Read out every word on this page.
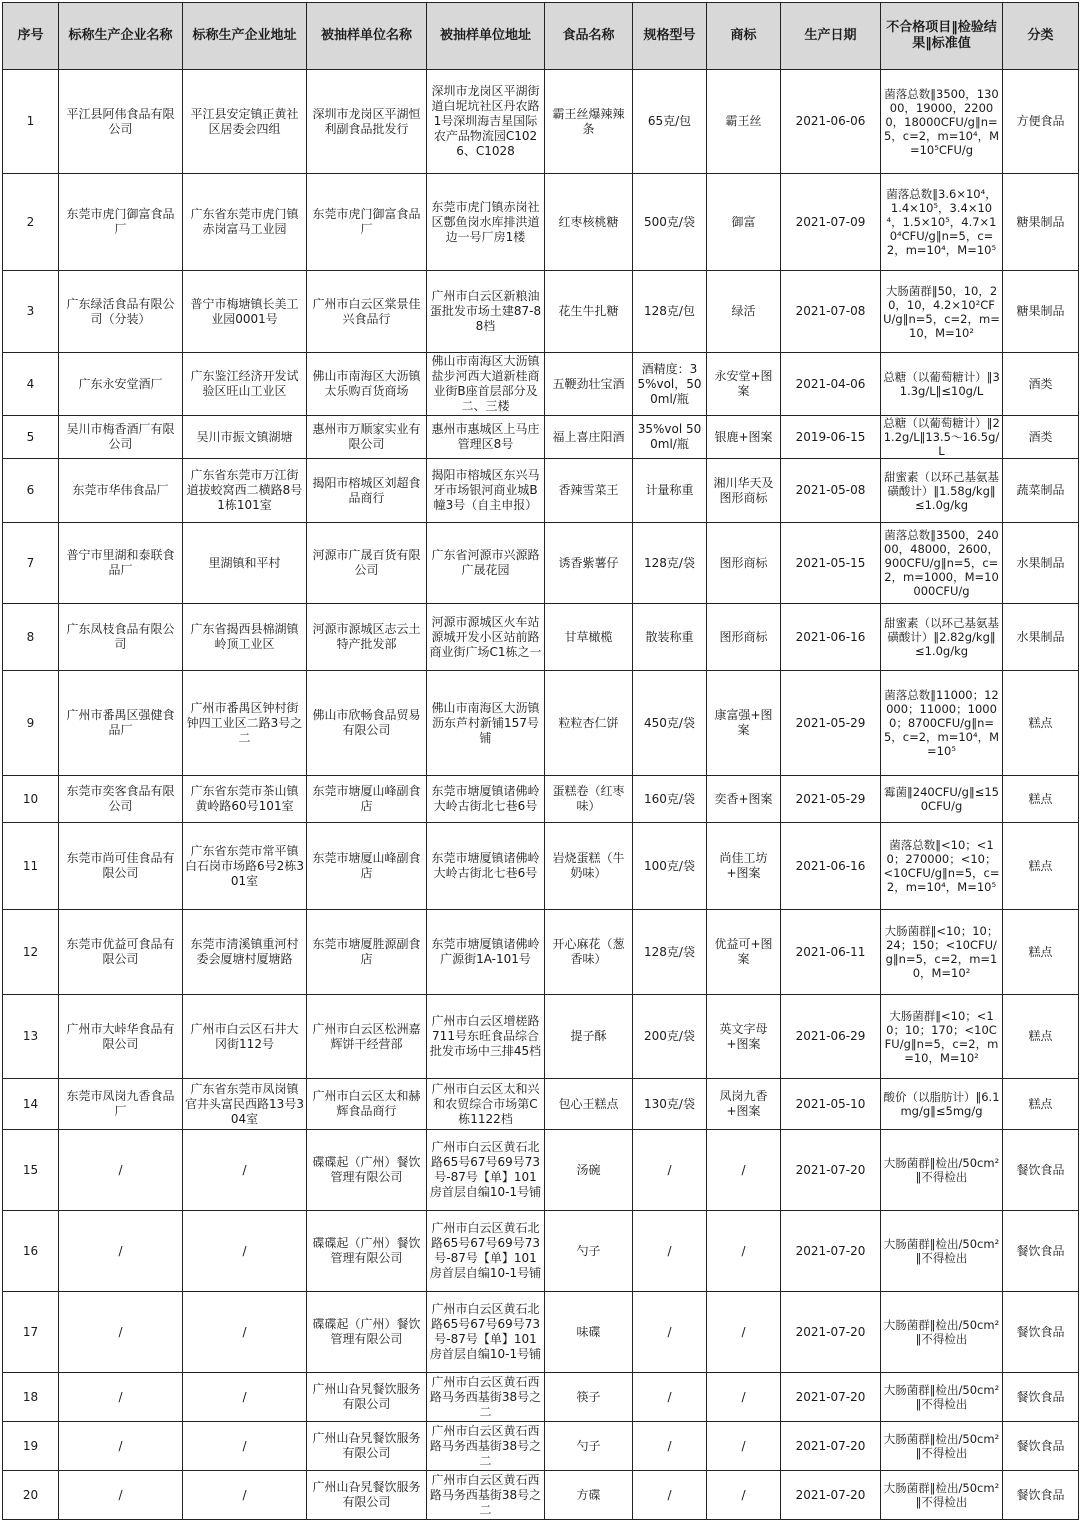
序号	标称生产企业名称	标称生产企业地址	被抽样单位名称	被抽样单位地址	食品名称	规格型号	商标	生产日期	不合格项目‖检验结果‖标准值	分类
1	平江县阿伟食品有限公司	平江县安定镇正黄社区居委会四组	深圳市龙岗区平湖恒利副食品批发行	深圳市龙岗区平湖街道白坭坑社区丹农路1号深圳海吉星国际农产品物流园C1026、C1028	霸王丝爆辣辣条	65克/包	霸王丝	2021-06-06	菌落总数‖3500，13000，19000，22000，18000CFU/g‖n=5，c=2，m=10⁴，M=10⁵CFU/g	方便食品
2	东莞市虎门御富食品厂	广东省东莞市虎门镇赤岗富马工业园	东莞市虎门御富食品厂	东莞市虎门镇赤岗社区鄷鱼岗水库排洪道边一号厂房1楼	红枣核桃糖	500克/袋	御富	2021-07-09	菌落总数‖3.6×10⁴，1.4×10⁵，3.4×10⁴，1.5×10⁵，4.7×10⁴CFU/g‖n=5，c=2，m=10⁴，M=10⁵	糖果制品
3	广东绿活食品有限公司（分装）	普宁市梅塘镇长美工业园0001号	广州市白云区棠景佳兴食品行	广州市白云区新粮油蛋批发市场土建87-88档	花生牛扎糖	128克/包	绿活	2021-07-08	大肠菌群‖50，10，20，10，4.2×10²CFU/g‖n=5，c=2，m=10，M=10²	糖果制品
4	广东永安堂酒厂	广东鉴江经济开发试验区旺山工业区	佛山市南海区大沥镇太乐购百货商场	佛山市南海区大沥镇盐步河西大道新桂商业街B座首层部分及二、三楼	五鞭劲壮宝酒	酒精度：35%vol，500ml/瓶	永安堂+图案	2021-04-06	总糖（以葡萄糖计）‖31.3g/L‖≤10g/L	酒类
5	吴川市梅香酒厂有限公司	吴川市振文镇湖塘	惠州市万顺家实业有限公司	惠州市惠城区上马庄管理区8号	福上喜庄阳酒	35%vol 500ml/瓶	银鹿+图案	2019-06-15	总糖（以葡萄糖计）‖21.2g/L‖13.5～16.5g/L	酒类
6	东莞市华伟食品厂	广东省东莞市万江街道拔蛟窝西二横路8号1栋101室	揭阳市榕城区刘超食品商行	揭阳市榕城区东兴马牙市场银河商业城B幢3号（自主申报）	香辣雪菜王	计量称重	湘川华天及图形商标	2021-05-08	甜蜜素（以环己基氨基磺酸计）‖1.58g/kg‖≤1.0g/kg	蔬菜制品
7	普宁市里湖和泰联食品厂	里湖镇和平村	河源市广晟百货有限公司	广东省河源市兴源路广晟花园	诱香紫薯仔	128克/袋	图形商标	2021-05-15	菌落总数‖3500，24000，48000，2600，900CFU/g‖n=5，c=2，m=1000，M=10000CFU/g	水果制品
8	广东凤枝食品有限公司	广东省揭西县棉湖镇岭顶工业区	河源市源城区志云土特产批发部	河源市源城区火车站源城开发小区站前路商业街广场C1栋之一	甘草橄榄	散装称重	图形商标	2021-06-16	甜蜜素（以环己基氨基磺酸计）‖2.82g/kg‖≤1.0g/kg	水果制品
9	广州市番禺区强健食品厂	广州市番禺区钟村街钟四工业区二路3号之二	佛山市欣畅食品贸易有限公司	佛山市南海区大沥镇沥东芦村新铺157号铺	粒粒杏仁饼	450克/袋	康富强+图案	2021-05-29	菌落总数‖11000；12000；11000；10000；8700CFU/g‖n=5，c=2，m=10⁴，M=10⁵	糕点
10	东莞市奕客食品有限公司	广东省东莞市茶山镇黄岭路60号101室	东莞市塘厦山峰副食店	东莞市塘厦镇诸佛岭大岭古街北七巷6号	蛋糕卷（红枣味）	160克/袋	奕香+图案	2021-05-29	霉菌‖240CFU/g‖≤150CFU/g	糕点
11	东莞市尚可佳食品有限公司	广东省东莞市常平镇白石岗市场路6号2栋301室	东莞市塘厦山峰副食店	东莞市塘厦镇诸佛岭大岭古街北七巷6号	岩烧蛋糕（牛奶味）	100克/袋	尚佳工坊+图案	2021-06-16	菌落总数‖<10；<10；270000；<10；<10CFU/g‖n=5，c=2，m=10⁴，M=10⁵	糕点
12	东莞市优益可食品有限公司	东莞市清溪镇重河村委会厦塘村厦塘路	东莞市塘厦胜源副食店	东莞市塘厦镇诸佛岭广源街1A-101号	开心麻花（葱香味）	128克/袋	优益可+图案	2021-06-11	大肠菌群‖<10；10；24；150；<10CFU/g‖n=5，c=2，m=10，M=10²	糕点
13	广州市大峠华食品有限公司	广州市白云区石井大冈街112号	广州市白云区松洲嘉辉饼干经营部	广州市白云区增槎路711号东旺食品综合批发市场中三排45档	提子酥	200克/袋	英文字母+图案	2021-06-29	大肠菌群‖<10；<10；10；170；<10CFU/g‖n=5，c=2，m=10，M=10²	糕点
14	东莞市凤岗九香食品厂	广东省东莞市凤岗镇官井头富民西路13号304室	广州市白云区太和赫辉食品商行	广州市白云区太和兴和农贸综合市场第C栋1122档	包心王糕点	130克/袋	凤岗九香+图案	2021-05-10	酸价（以脂肪计）‖6.1mg/g‖≤5mg/g	糕点
15	/	/	碟碟起（广州）餐饮管理有限公司	广州市白云区黄石北路65号67号69号73号-87号【单】101房首层自编10-1号铺	汤碗	/	/	2021-07-20	大肠菌群‖检出/50cm²‖不得检出	餐饮食品
16	/	/	碟碟起（广州）餐饮管理有限公司	广州市白云区黄石北路65号67号69号73号-87号【单】101房首层自编10-1号铺	勺子	/	/	2021-07-20	大肠菌群‖检出/50cm²‖不得检出	餐饮食品
17	/	/	碟碟起（广州）餐饮管理有限公司	广州市白云区黄石北路65号67号69号73号-87号【单】101房首层自编10-1号铺	味碟	/	/	2021-07-20	大肠菌群‖检出/50cm²‖不得检出	餐饮食品
18	/	/	广州山旮旯餐饮服务有限公司	广州市白云区黄石西路马务西基街38号之二	筷子	/	/	2021-07-20	大肠菌群‖检出/50cm²‖不得检出	餐饮食品
19	/	/	广州山旮旯餐饮服务有限公司	广州市白云区黄石西路马务西基街38号之二	勺子	/	/	2021-07-20	大肠菌群‖检出/50cm²‖不得检出	餐饮食品
20	/	/	广州山旮旯餐饮服务有限公司	广州市白云区黄石西路马务西基街38号之二	方碟	/	/	2021-07-20	大肠菌群‖检出/50cm²‖不得检出	餐饮食品
